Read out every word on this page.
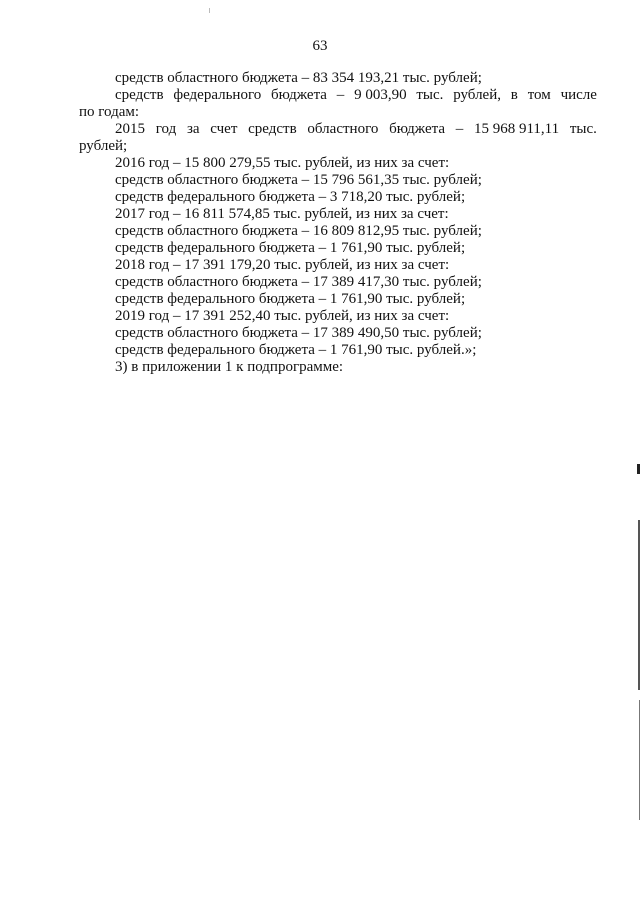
63
средств областного бюджета – 83 354 193,21 тыс. рублей;
средств федерального бюджета – 9 003,90 тыс. рублей, в том числе
по годам:
2015 год за счет средств областного бюджета – 15 968 911,11 тыс.
рублей;
2016 год – 15 800 279,55 тыс. рублей, из них за счет:
средств областного бюджета – 15 796 561,35 тыс. рублей;
средств федерального бюджета – 3 718,20 тыс. рублей;
2017 год – 16 811 574,85 тыс. рублей, из них за счет:
средств областного бюджета – 16 809 812,95 тыс. рублей;
средств федерального бюджета – 1 761,90 тыс. рублей;
2018 год – 17 391 179,20 тыс. рублей, из них за счет:
средств областного бюджета – 17 389 417,30 тыс. рублей;
средств федерального бюджета – 1 761,90 тыс. рублей;
2019 год – 17 391 252,40 тыс. рублей, из них за счет:
средств областного бюджета – 17 389 490,50 тыс. рублей;
средств федерального бюджета – 1 761,90 тыс. рублей.»;
3) в приложении 1 к подпрограмме:
